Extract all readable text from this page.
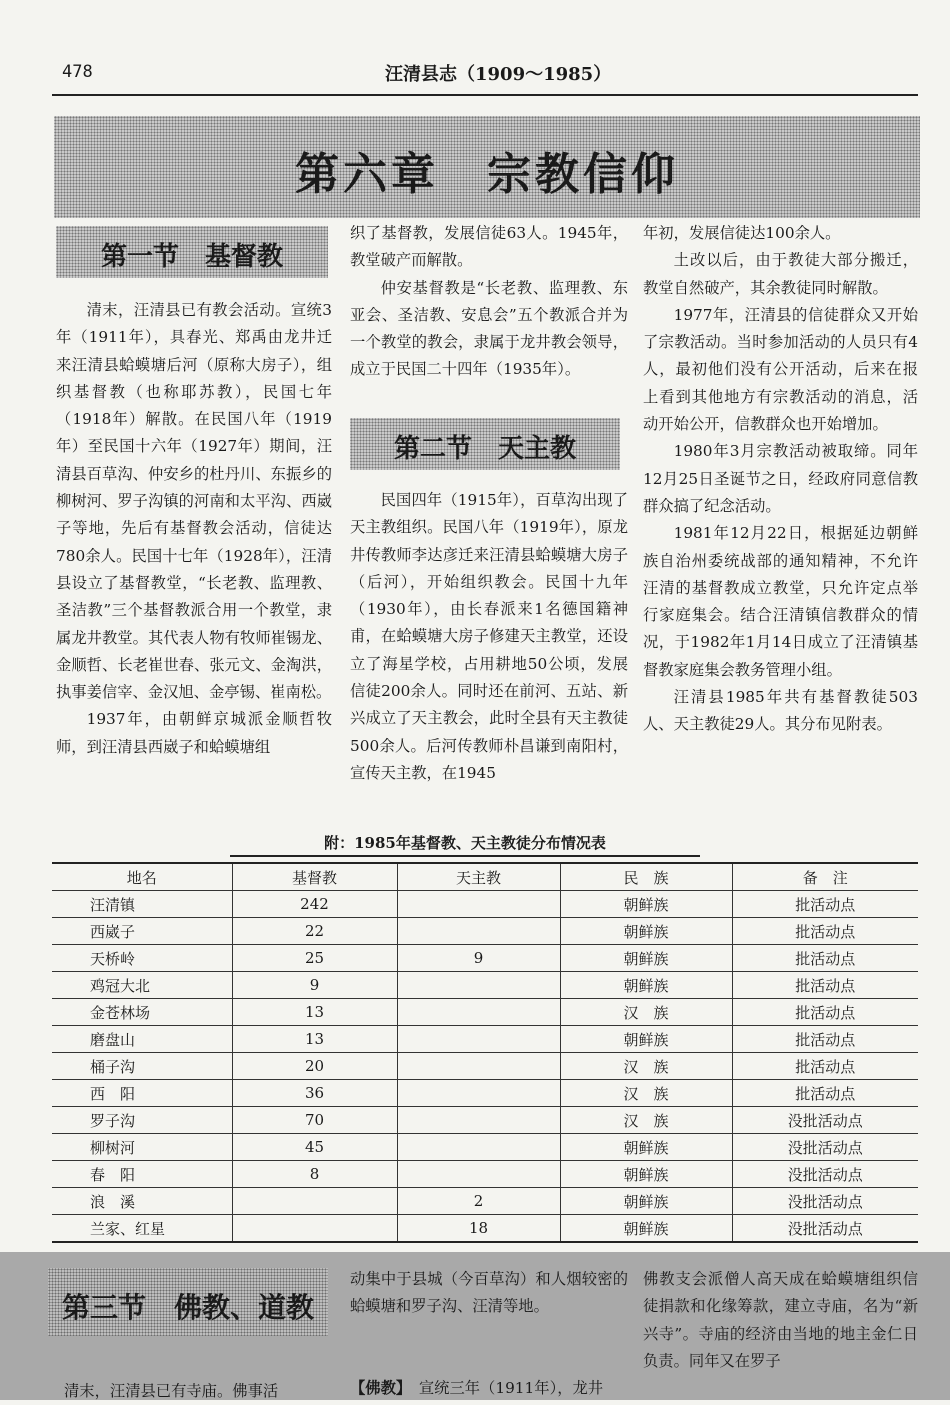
478	汪清县志（1909～1985）
第六章　宗教信仰
第一节　基督教

清末，汪清县已有教会活动。宣统3年（1911年），具春光、郑禹由龙井迁来汪清县蛤蟆塘后河（原称大房子），组织基督教（也称耶苏教），民国七年（1918年）解散。在民国八年（1919年）至民国十六年（1927年）期间，汪清县百草沟、仲安乡的杜丹川、东振乡的柳树河、罗子沟镇的河南和太平沟、西崴子等地，先后有基督教会活动，信徒达780余人。民国十七年（1928年），汪清县设立了基督教堂，“长老教、监理教、圣洁教”三个基督教派合用一个教堂，隶属龙井教堂。其代表人物有牧师崔锡龙、金顺哲、长老崔世春、张元文、金淘洪，执事姜信宰、金汉旭、金亭锡、崔南松。

1937年，由朝鲜京城派金顺哲牧师，到汪清县西崴子和蛤蟆塘组

织了基督教，发展信徒63人。1945年，教堂破产而解散。

仲安基督教是“长老教、监理教、东亚会、圣洁教、安息会”五个教派合并为一个教堂的教会，隶属于龙井教会领导，成立于民国二十四年（1935年）。

第二节　天主教

民国四年（1915年），百草沟出现了天主教组织。民国八年（1919年），原龙井传教师李达彦迁来汪清县蛤蟆塘大房子（后河），开始组织教会。民国十九年（1930年），由长春派来1名德国籍神甫，在蛤蟆塘大房子修建天主教堂，还设立了海星学校，占用耕地50公顷，发展信徒200余人。同时还在前河、五站、新兴成立了天主教会，此时全县有天主教徒500余人。后河传教师朴昌谦到南阳村，宣传天主教，在1945

年初，发展信徒达100余人。

土改以后，由于教徒大部分搬迁，教堂自然破产，其余教徒同时解散。

1977年，汪清县的信徒群众又开始了宗教活动。当时参加活动的人员只有4人，最初他们没有公开活动，后来在报上看到其他地方有宗教活动的消息，活动开始公开，信教群众也开始增加。

1980年3月宗教活动被取缔。同年12月25日圣诞节之日，经政府同意信教群众搞了纪念活动。

1981年12月22日，根据延边朝鲜族自治州委统战部的通知精神，不允许汪清的基督教成立教堂，只允许定点举行家庭集会。结合汪清镇信教群众的情况，于1982年1月14日成立了汪清镇基督教家庭集会教务管理小组。

汪清县1985年共有基督教徒503人、天主教徒29人。其分布见附表。

附：1985年基督教、天主教徒分布情况表
地名	基督教	天主教	民　族	备　注
汪清镇	242		朝鲜族	批活动点
西崴子	22		朝鲜族	批活动点
天桥岭	25	9	朝鲜族	批活动点
鸡冠大北	9		朝鲜族	批活动点
金苍林场	13		汉　族	批活动点
磨盘山	13		朝鲜族	批活动点
桶子沟	20		汉　族	批活动点
西　阳	36		汉　族	批活动点
罗子沟	70		汉　族	没批活动点
柳树河	45		朝鲜族	没批活动点
春　阳	8		朝鲜族	没批活动点
浪　溪		2	朝鲜族	没批活动点
兰家、红星		18	朝鲜族	没批活动点
第三节　佛教、道教
清末，汪清县已有寺庙。佛事活

动集中于县城（今百草沟）和人烟较密的蛤蟆塘和罗子沟、汪清等地。

【佛教】　 宣统三年（1911年），龙井

佛教支会派僧人高天成在蛤蟆塘组织信徒捐款和化缘筹款，建立寺庙，名为“新兴寺”。寺庙的经济由当地的地主金仁日负责。同年又在罗子
